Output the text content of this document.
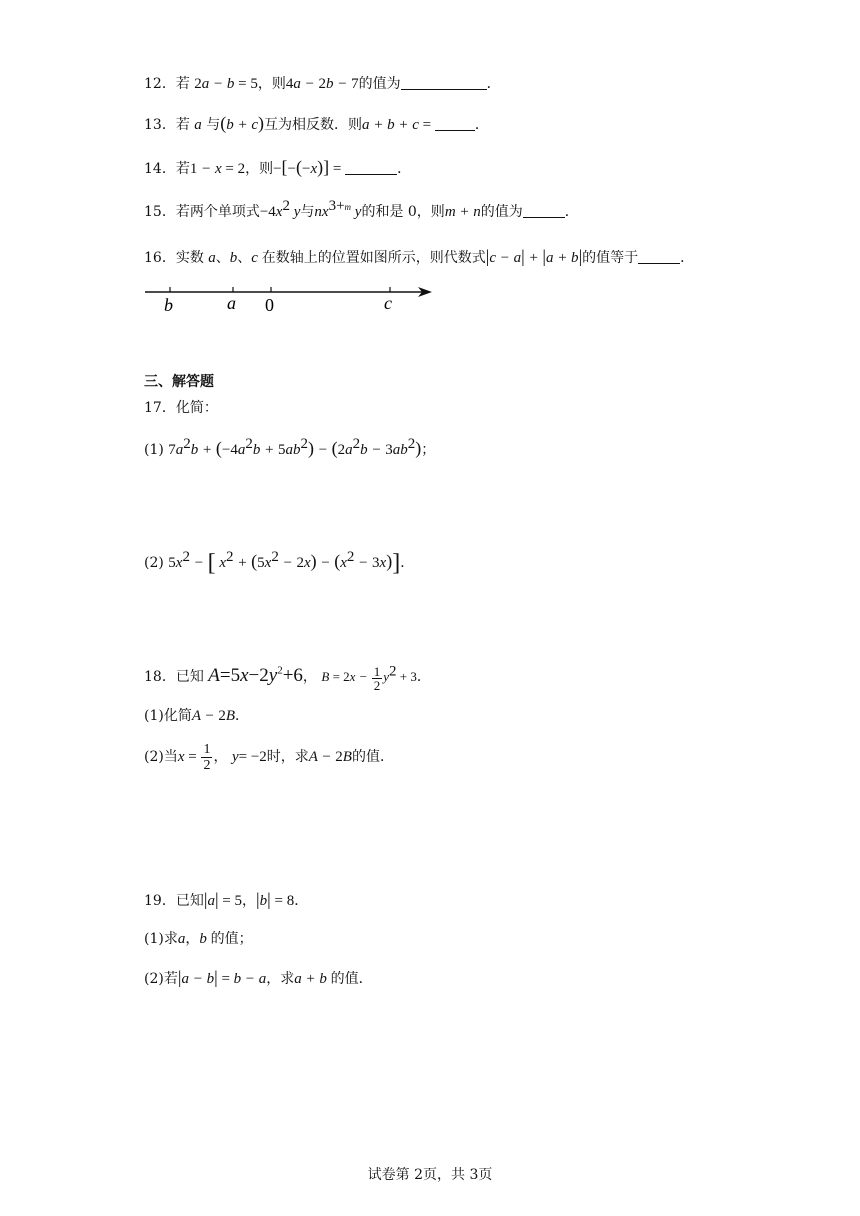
12．若 2a − b = 5，则4a − 2b − 7的值为	．
13．若 a 与(b + c)互为相反数．则a + b + c =	．
14．若1 − x = 2，则−[−(−x)] =	．
15．若两个单项式$-4x^2$ y与$nx^{3+m}$ y的和是 0，则m + n的值为	．
16．实数 a、b、c 在数轴上的位置如图所示，则代数式|c − a| + |a + b|的值等于	．
b	a 0	c
三、解答题
17．化简：
(1) $7a^2b + (-4a^2b + 5ab^2) - (2a^2b - 3ab^2)$；
(2) $5x^2$ − [ $x^2 + (5x^2 - 2x) - (x^2 - 3x)$]．
18．已知 $A=5x-2y^2+6$， $B = 2x - \frac{1}{2} y^2 + 3$．
(1)化简A − 2B．
(2)当$x = \frac{1}{2}$ ， y= −2时，求A − 2B的值．
19．已知|a| = 5，|b| = 8．
(1)求a，b 的值；
(2)若|a − b| = b − a，求a + b 的值．
试卷第 2页，共 3页
